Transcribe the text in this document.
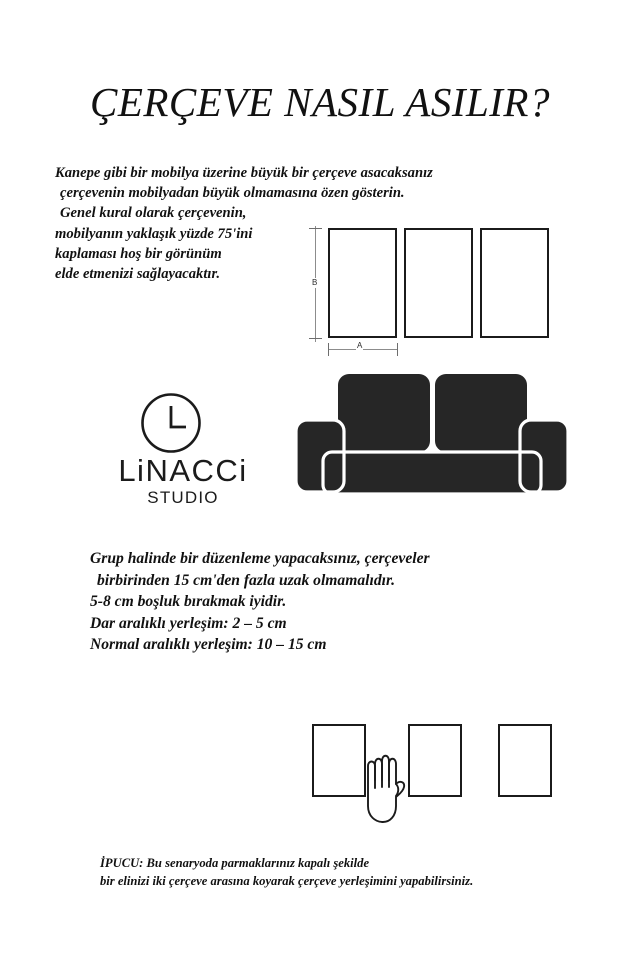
ÇERÇEVE NASIL ASILIR?
Kanepe gibi bir mobilya üzerine büyük bir çerçeve asacaksanız
çerçevenin mobilyadan büyük olmamasına özen gösterin.
Genel kural olarak çerçevenin,
mobilyanın yaklaşık yüzde 75'ini
kaplaması hoş bir görünüm
elde etmenizi sağlayacaktır.
B
A
LiNACCi
STUDIO
Grup halinde bir düzenleme yapacaksınız, çerçeveler
birbirinden 15 cm'den fazla uzak olmamalıdır.
5-8 cm boşluk bırakmak iyidir.
Dar aralıklı yerleşim: 2 – 5 cm
Normal aralıklı yerleşim: 10 – 15 cm
İPUCU: Bu senaryoda parmaklarınız kapalı şekilde
bir elinizi iki çerçeve arasına koyarak çerçeve yerleşimini yapabilirsiniz.
